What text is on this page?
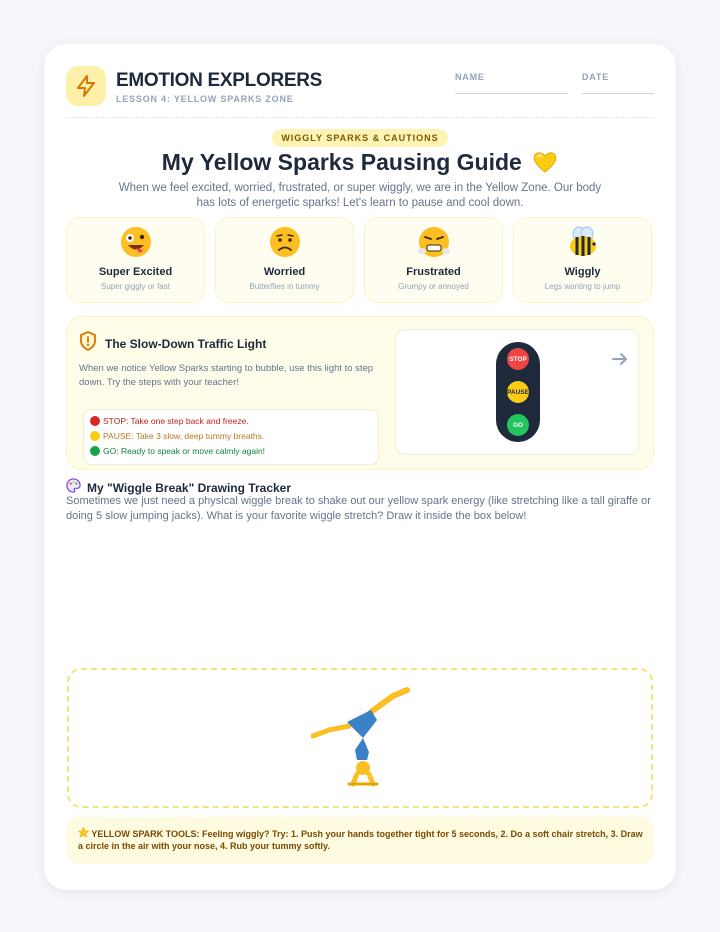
EMOTION EXPLORERS
LESSON 4: YELLOW SPARKS ZONE
NAME	DATE
WIGGLY SPARKS & CAUTIONS
My Yellow Sparks Pausing Guide
When we feel excited, worried, frustrated, or super wiggly, we are in the Yellow Zone. Our body has lots of energetic sparks! Let's learn to pause and cool down.
Super Excited
Super giggly or fast
Worried
Butterflies in tummy
Frustrated
Grumpy or annoyed
Wiggly
Legs wanting to jump
The Slow-Down Traffic Light
When we notice Yellow Sparks starting to bubble, use this light to step down. Try the steps with your teacher!
STOP: Take one step back and freeze.
PAUSE: Take 3 slow, deep tummy breaths.
GO: Ready to speak or move calmly again!
STOP
PAUSE
GO
My "Wiggle Break" Drawing Tracker
Sometimes we just need a physical wiggle break to shake out our yellow spark energy (like stretching like a tall giraffe or doing 5 slow jumping jacks). What is your favorite wiggle stretch? Draw it inside the box below!
YELLOW SPARK TOOLS: Feeling wiggly? Try: 1. Push your hands together tight for 5 seconds, 2. Do a soft chair stretch, 3. Draw a circle in the air with your nose, 4. Rub your tummy softly.
